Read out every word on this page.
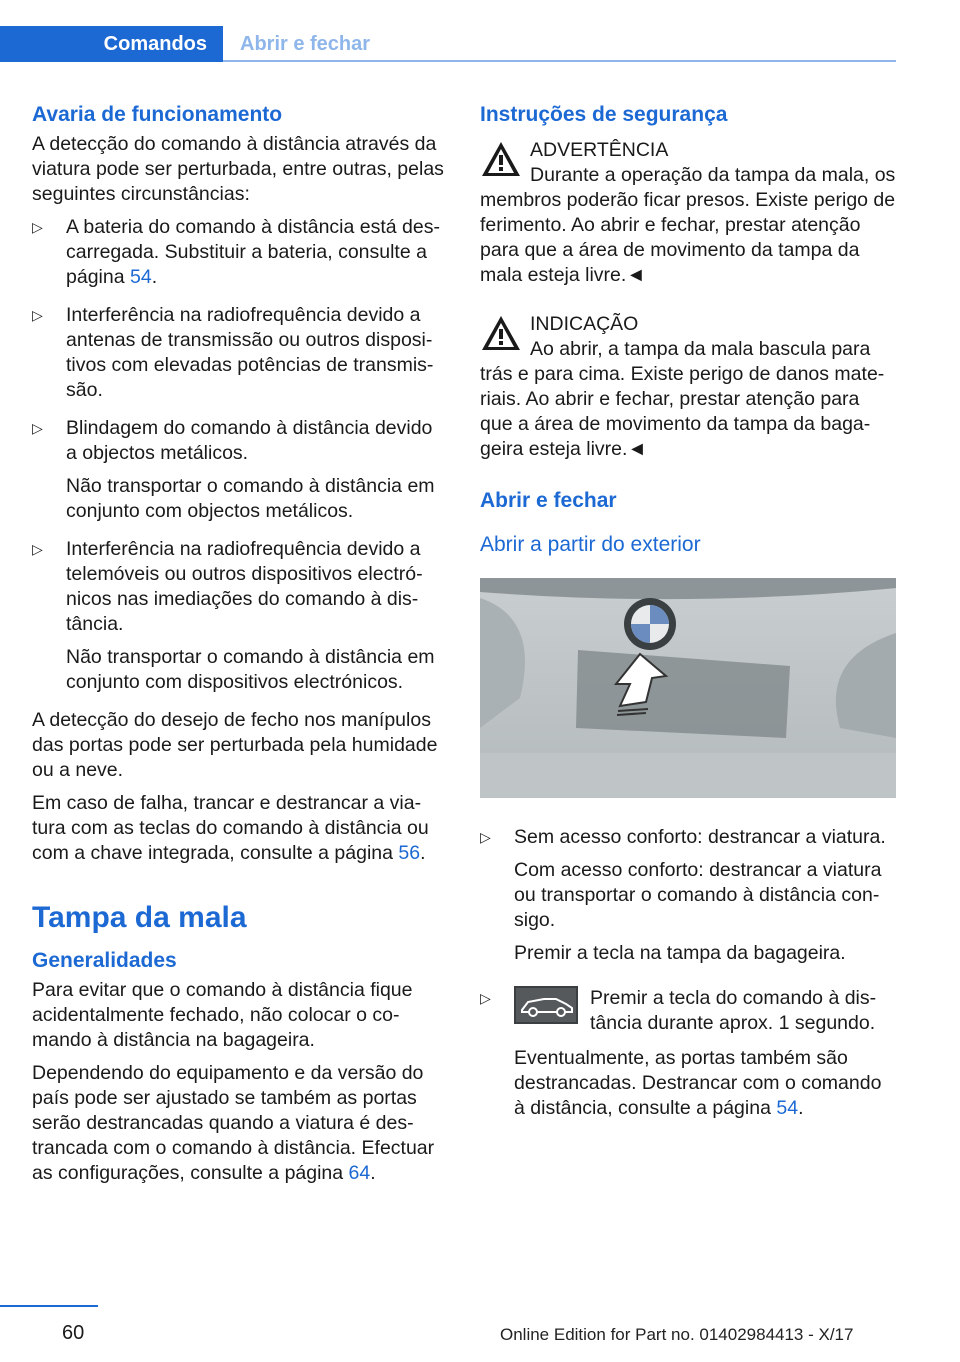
Comandos Abrir e fechar
Avaria de funcionamento

A detecção do comando à distância através da viatura pode ser perturbada, entre outras, pelas seguintes circunstâncias:

▷ A bateria do comando à distância está descarregada. Substituir a bateria, consulte a página 54.

▷ Interferência na radiofrequência devido a antenas de transmissão ou outros dispositivos com elevadas potências de transmissão.

▷ Blindagem do comando à distância devido a objectos metálicos.

Não transportar o comando à distância em conjunto com objectos metálicos.

▷ Interferência na radiofrequência devido a telemóveis ou outros dispositivos electrónicos nas imediações do comando à distância.

Não transportar o comando à distância em conjunto com dispositivos electrónicos.

A detecção do desejo de fecho nos manípulos das portas pode ser perturbada pela humidade ou a neve.

Em caso de falha, trancar e destrancar a viatura com as teclas do comando à distância ou com a chave integrada, consulte a página 56.

Tampa da mala
Generalidades

Para evitar que o comando à distância fique acidentalmente fechado, não colocar o comando à distância na bagageira.

Dependendo do equipamento e da versão do país pode ser ajustado se também as portas serão destrancadas quando a viatura é destrancada com o comando à distância. Efectuar as configurações, consulte a página 64.

Instruções de segurança
ADVERTÊNCIA
Durante a operação da tampa da mala, os membros poderão ficar presos. Existe perigo de ferimento. Ao abrir e fechar, prestar atenção para que a área de movimento da tampa da mala esteja livre.◄
INDICAÇÃO
Ao abrir, a tampa da mala bascula para trás e para cima. Existe perigo de danos materiais. Ao abrir e fechar, prestar atenção para que a área de movimento da tampa da bagageira esteja livre.◄
Abrir e fechar
Abrir a partir do exterior

▷ Sem acesso conforto: destrancar a viatura.

Com acesso conforto: destrancar a viatura ou transportar o comando à distância consigo.

Premir a tecla na tampa da bagageira.

▷ Premir a tecla do comando à distância durante aprox. 1 segundo.

Eventualmente, as portas também são destrancadas. Destrancar com o comando à distância, consulte a página 54.

60	Online Edition for Part no. 01402984413 - X/17
